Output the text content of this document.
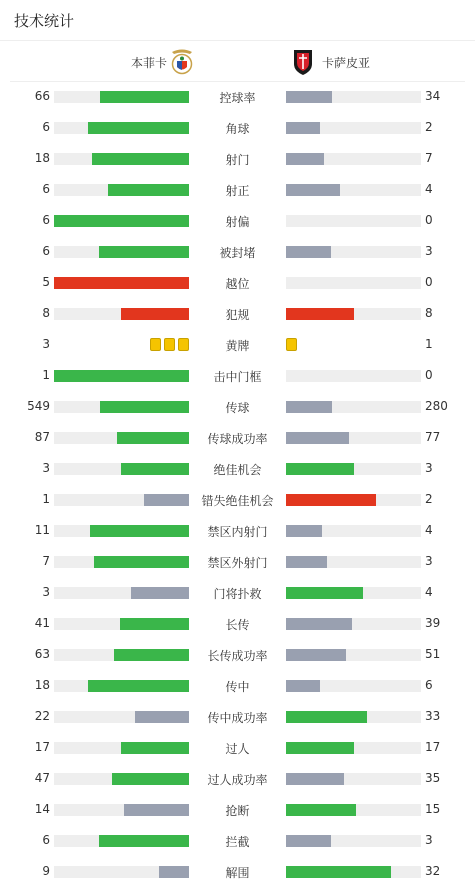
技术统计
本菲卡	卡萨皮亚
66	控球率	34
6	角球	2
18	射门	7
6	射正	4
6	射偏	0
6	被封堵	3
5	越位	0
8	犯规	8
3	黄牌	1
1	击中门框	0
549	传球	280
87	传球成功率	77
3	绝佳机会	3
1	错失绝佳机会	2
11	禁区内射门	4
7	禁区外射门	3
3	门将扑救	4
41	长传	39
63	长传成功率	51
18	传中	6
22	传中成功率	33
17	过人	17
47	过人成功率	35
14	抢断	15
6	拦截	3
9	解围	32
